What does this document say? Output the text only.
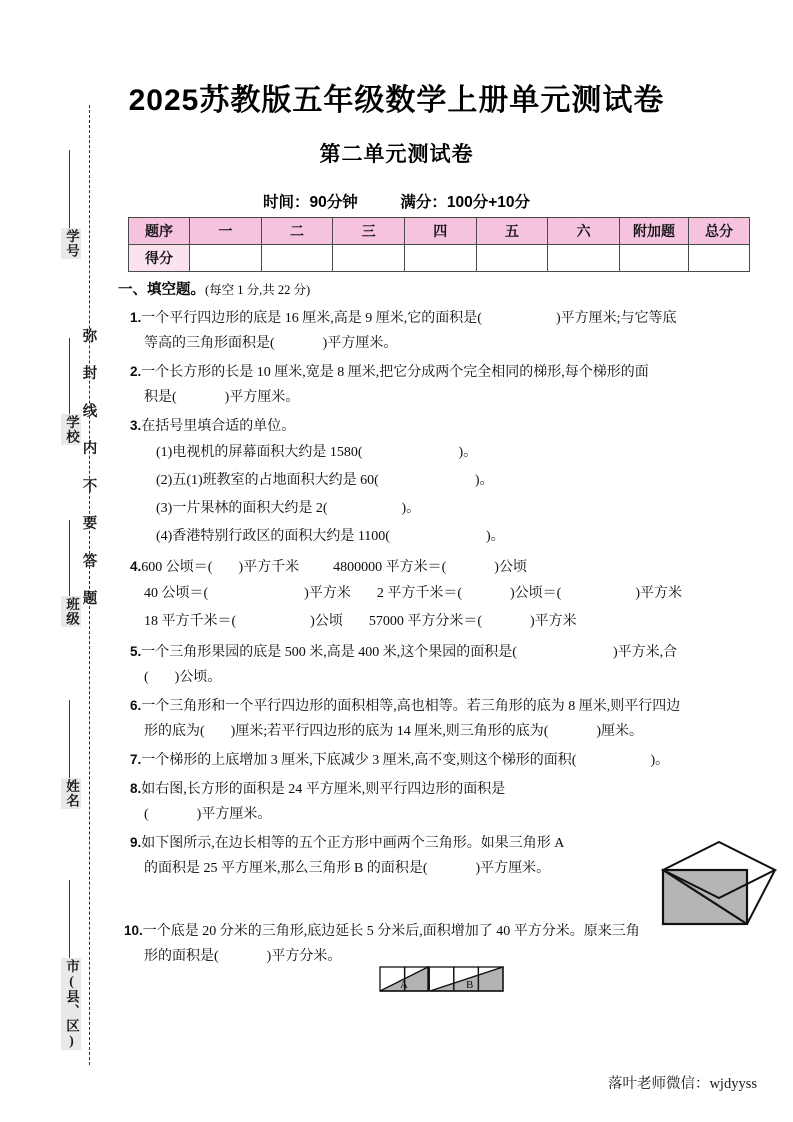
弥
封
线
内
不
要
答
题
学号
学校
班级
姓名
市(县、区)
2025苏教版五年级数学上册单元测试卷
第二单元测试卷
时间：90分钟	满分：100分+10分
题序	一	二	三	四	五	六	附加题	总分
得分								
一、填空题。(每空 1 分,共 22 分)
1.一个平行四边形的底是 16 厘米,高是 9 厘米,它的面积是(	)平方厘米;与它等底
等高的三角形面积是(	)平方厘米。
2.一个长方形的长是 10 厘米,宽是 8 厘米,把它分成两个完全相同的梯形,每个梯形的面
积是(	)平方厘米。
3.在括号里填合适的单位。
(1)电视机的屏幕面积大约是 1580(	)。
(2)五(1)班教室的占地面积大约是 60(	)。
(3)一片果林的面积大约是 2(	)。
(4)香港特别行政区的面积大约是 1100(	)。
4.600 公顷＝( )平方千米 4800000 平方米＝(	)公顷
40 公顷＝(	)平方米 2 平方千米＝(	)公顷＝(	)平方米
18 平方千米＝(	)公顷 57000 平方分米＝(	)平方米
5.一个三角形果园的底是 500 米,高是 400 米,这个果园的面积是(	)平方米,合
( )公顷。
6.一个三角形和一个平行四边形的面积相等,高也相等。若三角形的底为 8 厘米,则平行四边
形的底为( )厘米;若平行四边形的底为 14 厘米,则三角形的底为(	)厘米。
7.一个梯形的上底增加 3 厘米,下底减少 3 厘米,高不变,则这个梯形的面积(	)。
8.如右图,长方形的面积是 24 平方厘米,则平行四边形的面积是
(	)平方厘米。
9.如下图所示,在边长相等的五个正方形中画两个三角形。如果三角形 A
的面积是 25 平方厘米,那么三角形 B 的面积是(	)平方厘米。
10.一个底是 20 分米的三角形,底边延长 5 分米后,面积增加了 40 平方分米。原来三角
形的面积是(	)平方分米。
A	B
落叶老师微信：wjdyyss
